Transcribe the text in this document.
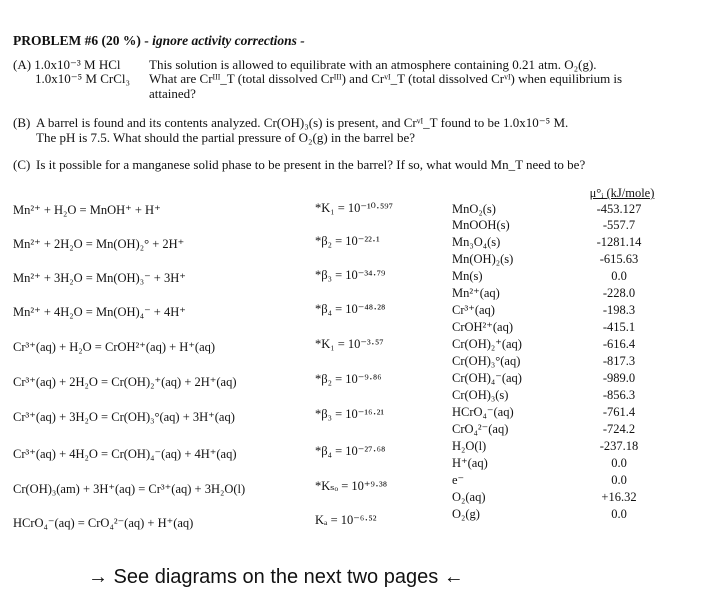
PROBLEM #6 (20 %) - ignore activity corrections -
(A) 1.0x10⁻³ M HCl
1.0x10⁻⁵ M CrCl₃
This solution is allowed to equilibrate with an atmosphere containing 0.21 atm. O₂(g).
What are Crᴵᴵᴵ_T (total dissolved Crᴵᴵᴵ) and Crᵛᴵ_T (total dissolved Crᵛᴵ) when equilibrium is
attained?
(B) A barrel is found and its contents analyzed. Cr(OH)₃(s) is present, and Crᵛᴵ_T found to be 1.0x10⁻⁵ M.
The pH is 7.5. What should the partial pressure of O₂(g) in the barrel be?
(C) Is it possible for a manganese solid phase to be present in the barrel? If so, what would Mn_T need to be?
Mn²⁺ + H₂O = MnOH⁺ + H⁺	*K₁ = 10⁻¹⁰·⁵⁹⁷
Mn²⁺ + 2H₂O = Mn(OH)₂° + 2H⁺	*β₂ = 10⁻²²·¹
Mn²⁺ + 3H₂O = Mn(OH)₃⁻ + 3H⁺	*β₃ = 10⁻³⁴·⁷⁹
Mn²⁺ + 4H₂O = Mn(OH)₄⁻ + 4H⁺	*β₄ = 10⁻⁴⁸·²⁸
Cr³⁺(aq) + H₂O = CrOH²⁺(aq) + H⁺(aq)	*K₁ = 10⁻³·⁵⁷
Cr³⁺(aq) + 2H₂O = Cr(OH)₂⁺(aq) + 2H⁺(aq)	*β₂ = 10⁻⁹·⁸⁶
Cr³⁺(aq) + 3H₂O = Cr(OH)₃°(aq) + 3H⁺(aq)	*β₃ = 10⁻¹⁶·²¹
Cr³⁺(aq) + 4H₂O = Cr(OH)₄⁻(aq) + 4H⁺(aq)	*β₄ = 10⁻²⁷·⁶⁸
Cr(OH)₃(am) + 3H⁺(aq) = Cr³⁺(aq) + 3H₂O(l)	*Kₛₒ = 10⁺⁹·³⁸
HCrO₄⁻(aq) = CrO₄²⁻(aq) + H⁺(aq)	Kₐ = 10⁻⁶·⁵²
μ°ᵢ (kJ/mole)
MnO₂(s)	-453.127
MnOOH(s)	-557.7
Mn₃O₄(s)	-1281.14
Mn(OH)₂(s)	-615.63
Mn(s)	0.0
Mn²⁺(aq)	-228.0
Cr³⁺(aq)	-198.3
CrOH²⁺(aq)	-415.1
Cr(OH)₂⁺(aq)	-616.4
Cr(OH)₃°(aq)	-817.3
Cr(OH)₄⁻(aq)	-989.0
Cr(OH)₃(s)	-856.3
HCrO₄⁻(aq)	-761.4
CrO₄²⁻(aq)	-724.2
H₂O(l)	-237.18
H⁺(aq)	0.0
e⁻	0.0
O₂(aq)	+16.32
O₂(g)	0.0
→ See diagrams on the next two pages ←
